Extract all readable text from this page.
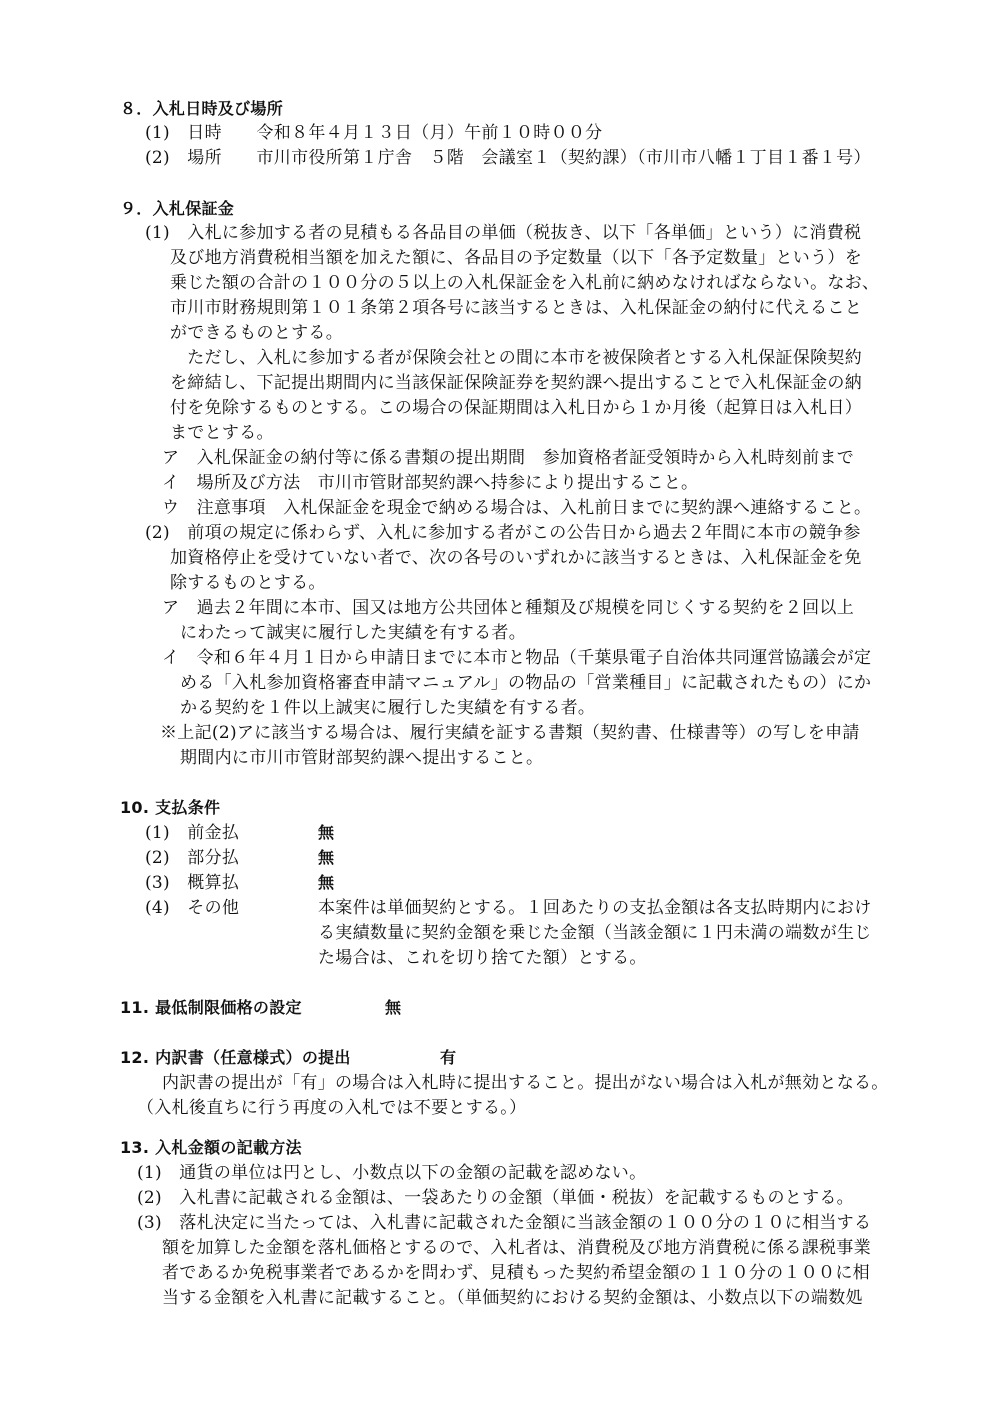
８．入札日時及び場所
(1)　日時　　令和８年４月１３日（月）午前１０時００分
(2)　場所　　市川市役所第１庁舎　５階　会議室１（契約課）（市川市八幡１丁目１番１号）
９．入札保証金
(1)　入札に参加する者の見積もる各品目の単価（税抜き、以下「各単価」という）に消費税
及び地方消費税相当額を加えた額に、各品目の予定数量（以下「各予定数量」という）を
乗じた額の合計の１００分の５以上の入札保証金を入札前に納めなければならない。なお、
市川市財務規則第１０１条第２項各号に該当するときは、入札保証金の納付に代えること
ができるものとする。
　ただし、入札に参加する者が保険会社との間に本市を被保険者とする入札保証保険契約
を締結し、下記提出期間内に当該保証保険証券を契約課へ提出することで入札保証金の納
付を免除するものとする。この場合の保証期間は入札日から１か月後（起算日は入札日）
までとする。
ア　入札保証金の納付等に係る書類の提出期間　参加資格者証受領時から入札時刻前まで
イ　場所及び方法　市川市管財部契約課へ持参により提出すること。
ウ　注意事項　入札保証金を現金で納める場合は、入札前日までに契約課へ連絡すること。
(2)　前項の規定に係わらず、入札に参加する者がこの公告日から過去２年間に本市の競争参
加資格停止を受けていない者で、次の各号のいずれかに該当するときは、入札保証金を免
除するものとする。
ア　過去２年間に本市、国又は地方公共団体と種類及び規模を同じくする契約を２回以上
にわたって誠実に履行した実績を有する者。
イ　令和６年４月１日から申請日までに本市と物品（千葉県電子自治体共同運営協議会が定
める「入札参加資格審査申請マニュアル」の物品の「営業種目」に記載されたもの）にか
かる契約を１件以上誠実に履行した実績を有する者。
※上記(2)アに該当する場合は、履行実績を証する書類（契約書、仕様書等）の写しを申請
期間内に市川市管財部契約課へ提出すること。
10. 支払条件
(1)　前金払	無
(2)　部分払	無
(3)　概算払	無
(4)　その他	本案件は単価契約とする。１回あたりの支払金額は各支払時期内におけ
る実績数量に契約金額を乗じた金額（当該金額に１円未満の端数が生じ
た場合は、これを切り捨てた額）とする。
11. 最低制限価格の設定	無
12. 内訳書（任意様式）の提出	有
内訳書の提出が「有」の場合は入札時に提出すること。提出がない場合は入札が無効となる。
（入札後直ちに行う再度の入札では不要とする。）
13. 入札金額の記載方法
(1)　通貨の単位は円とし、小数点以下の金額の記載を認めない。
(2)　入札書に記載される金額は、一袋あたりの金額（単価・税抜）を記載するものとする。
(3)　落札決定に当たっては、入札書に記載された金額に当該金額の１００分の１０に相当する
額を加算した金額を落札価格とするので、入札者は、消費税及び地方消費税に係る課税事業
者であるか免税事業者であるかを問わず、見積もった契約希望金額の１１０分の１００に相
当する金額を入札書に記載すること。（単価契約における契約金額は、小数点以下の端数処
